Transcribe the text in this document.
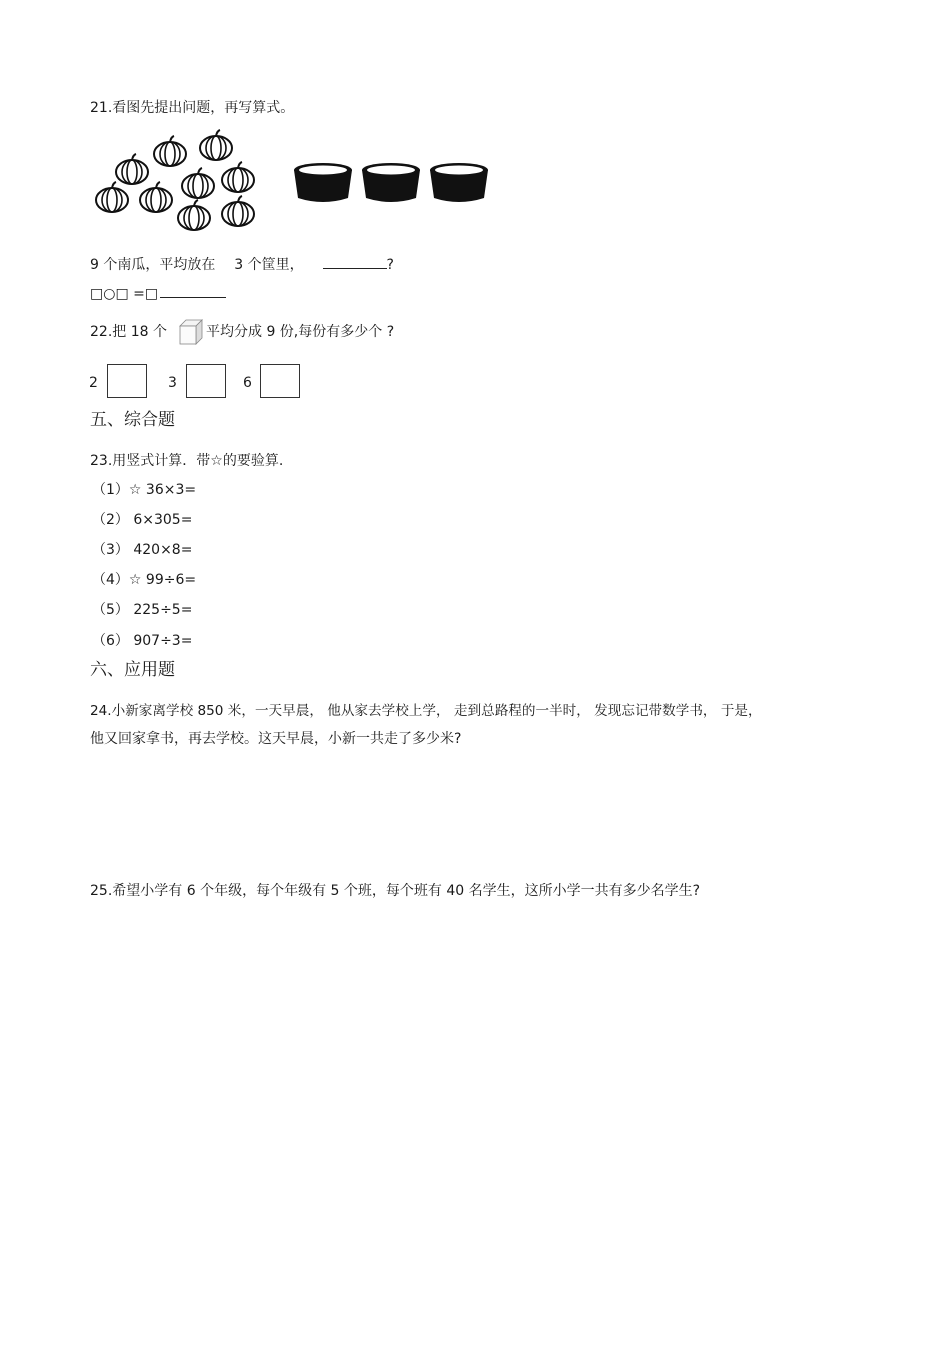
21.看图先提出问题，再写算式。
9 个南瓜，平均放在 3 个筐里，	?
□○□ =□
22.把 18 个	平均分成 9 份,每份有多少个 ?
2	3	6
五、综合题
23.用竖式计算．带☆的要验算.
（1）☆ 36×3=
（2） 6×305=
（3） 420×8=
（4）☆ 99÷6=
（5） 225÷5=
（6） 907÷3=
六、应用题
24.小新家离学校 850 米，一天早晨， 他从家去学校上学， 走到总路程的一半时， 发现忘记带数学书， 于是，
他又回家拿书，再去学校。这天早晨，小新一共走了多少米?
25.希望小学有 6 个年级，每个年级有 5 个班，每个班有 40 名学生，这所小学一共有多少名学生?
